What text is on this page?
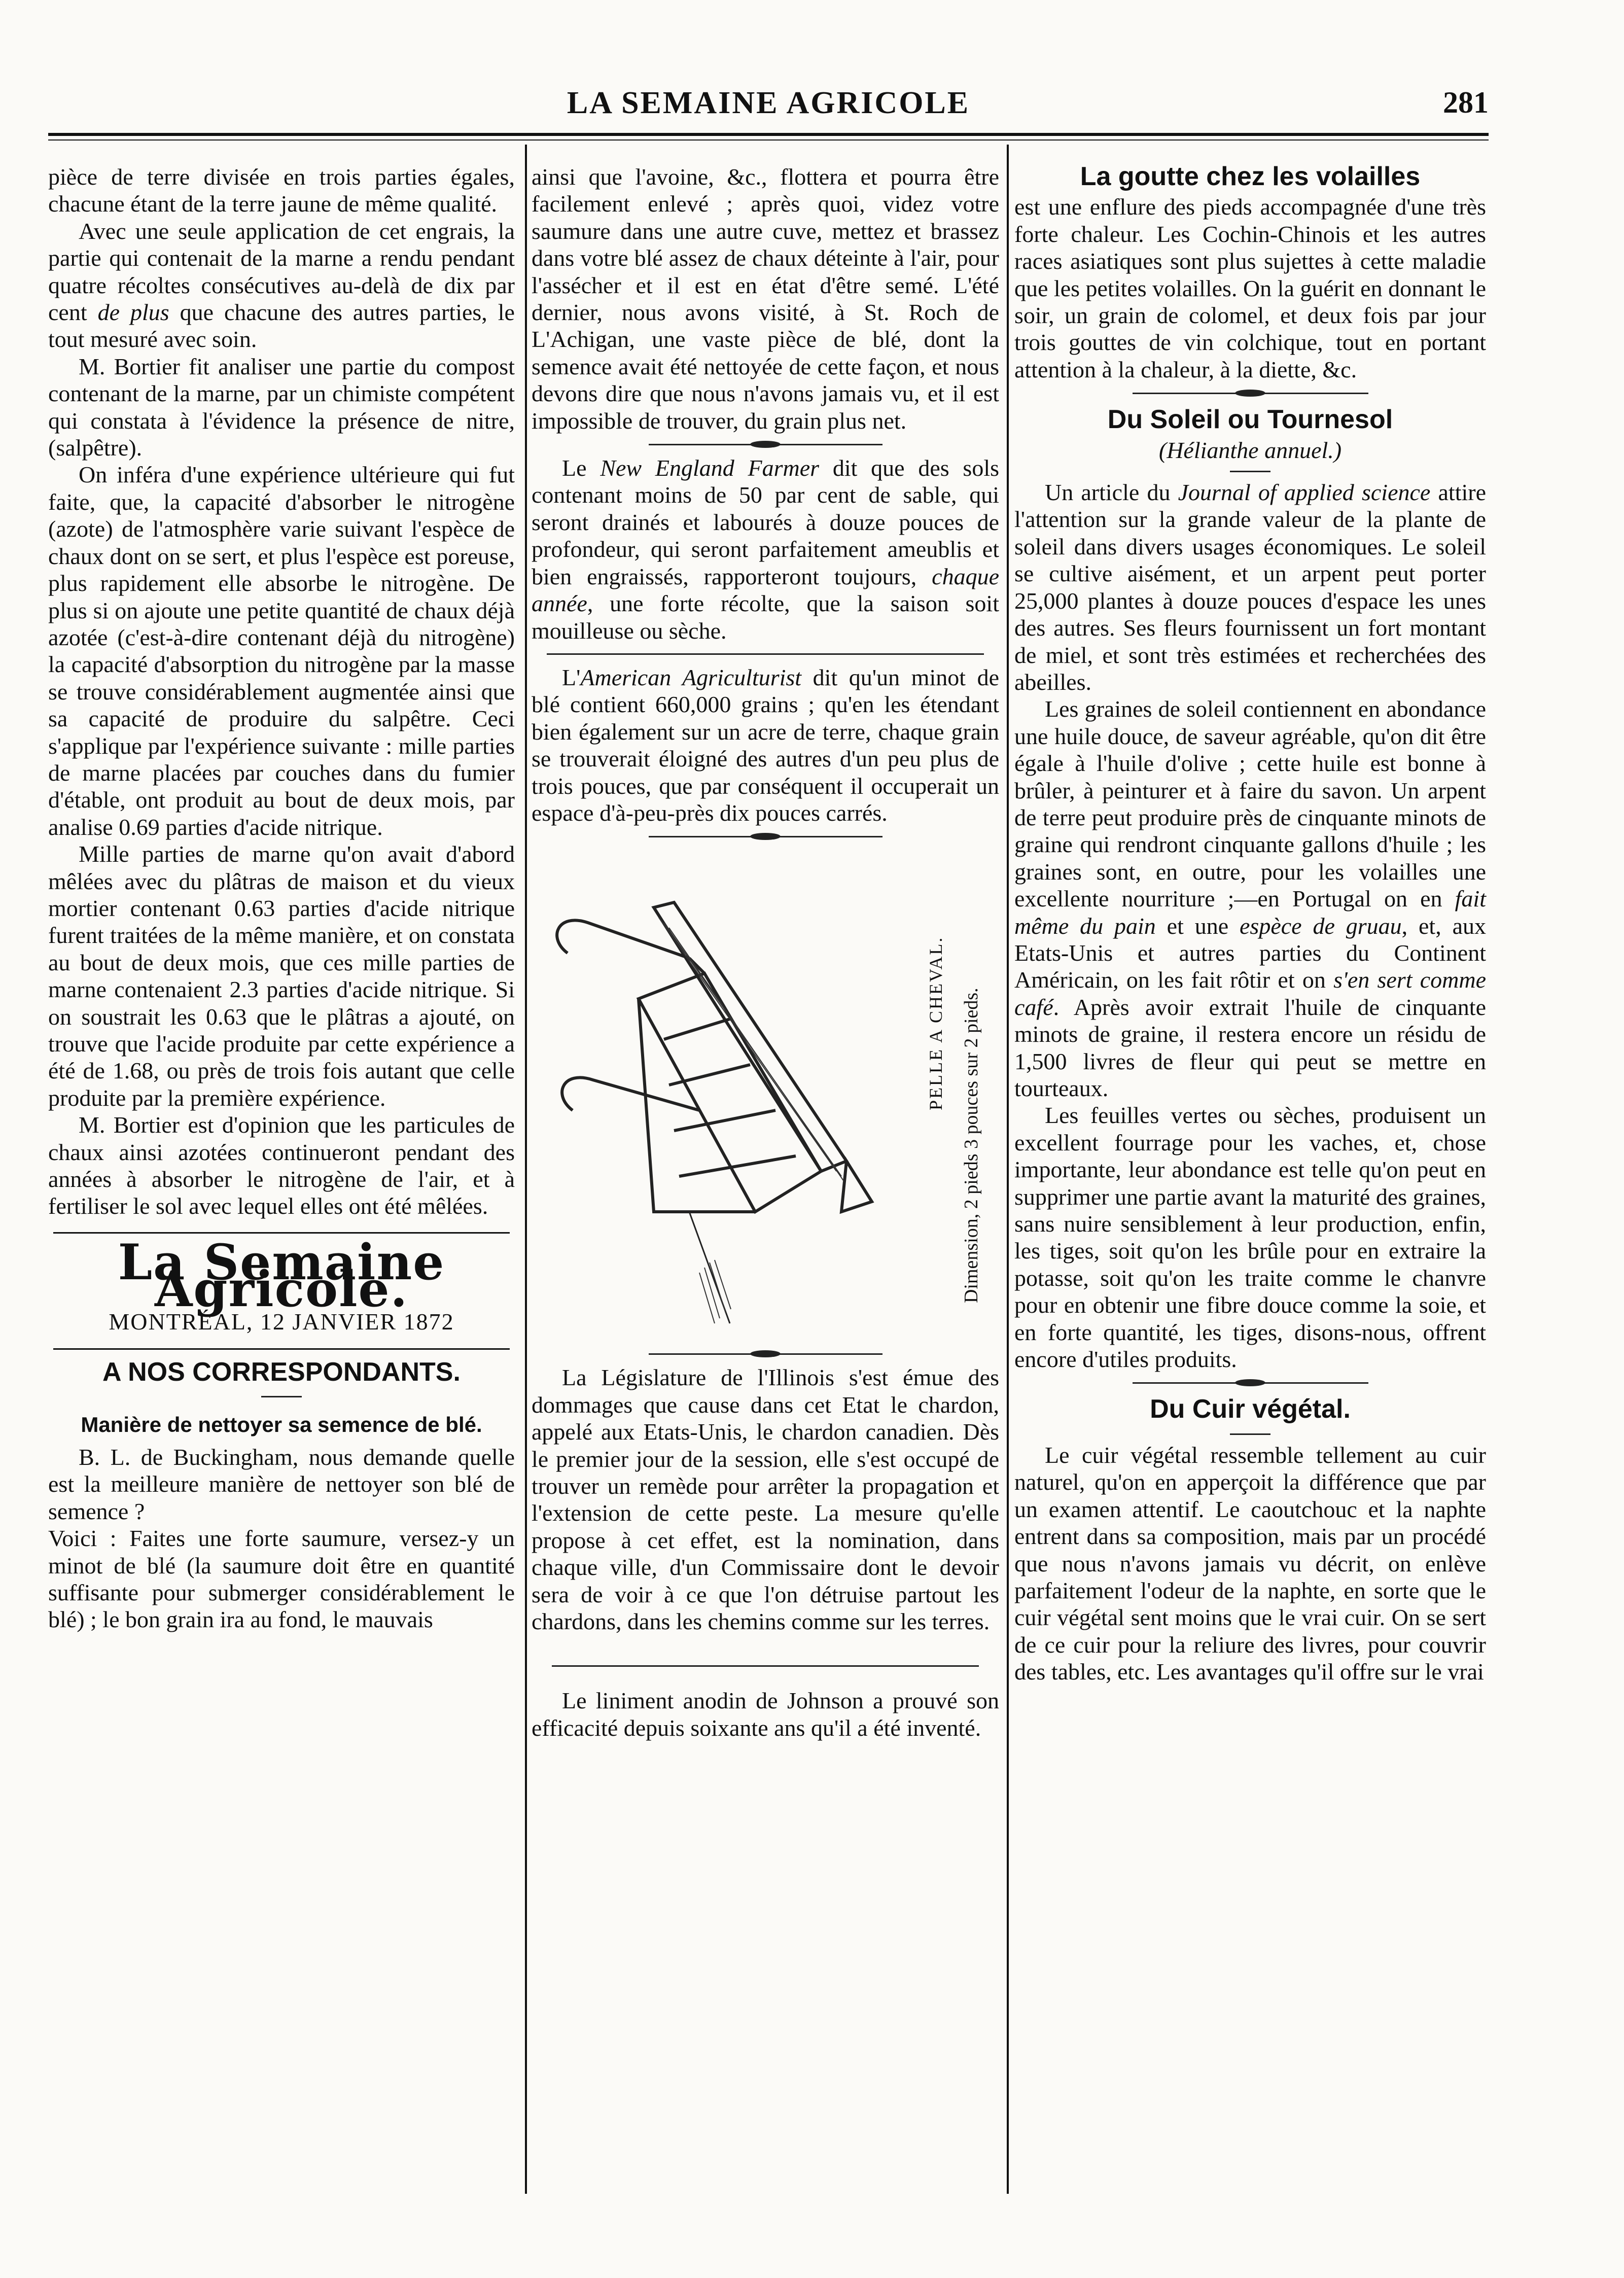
LA SEMAINE AGRICOLE	281

pièce de terre divisée en trois parties égales, chacune étant de la terre jaune de même qualité.

Avec une seule application de cet engrais, la partie qui contenait de la marne a rendu pendant quatre récoltes consécutives au-delà de dix par cent de plus que chacune des autres parties, le tout mesuré avec soin.

M. Bortier fit analiser une partie du compost contenant de la marne, par un chimiste compétent qui constata à l'évidence la présence de nitre, (salpêtre).

On inféra d'une expérience ultérieure qui fut faite, que, la capacité d'absorber le nitrogène (azote) de l'atmosphère varie suivant l'espèce de chaux dont on se sert, et plus l'espèce est poreuse, plus rapidement elle absorbe le nitrogène. De plus si on ajoute une petite quantité de chaux déjà azotée (c'est-à-dire contenant déjà du nitrogène) la capacité d'absorption du nitrogène par la masse se trouve considérablement augmentée ainsi que sa capacité de produire du salpêtre. Ceci s'applique par l'expérience suivante : mille parties de marne placées par couches dans du fumier d'étable, ont produit au bout de deux mois, par analise 0.69 parties d'acide nitrique.

Mille parties de marne qu'on avait d'abord mêlées avec du plâtras de maison et du vieux mortier contenant 0.63 parties d'acide nitrique furent traitées de la même manière, et on constata au bout de deux mois, que ces mille parties de marne contenaient 2.3 parties d'acide nitrique. Si on soustrait les 0.63 que le plâtras a ajouté, on trouve que l'acide produite par cette expérience a été de 1.68, ou près de trois fois autant que celle produite par la première expérience.

M. Bortier est d'opinion que les particules de chaux ainsi azotées continueront pendant des années à absorber le nitrogène de l'air, et à fertiliser le sol avec lequel elles ont été mêlées.

La Semaine Agricole.
MONTRÉAL, 12 JANVIER 1872
A NOS CORRESPONDANTS.
Manière de nettoyer sa semence de blé.

B. L. de Buckingham, nous demande quelle est la meilleure manière de nettoyer son blé de semence ?

Voici : Faites une forte saumure, versez-y un minot de blé (la saumure doit être en quantité suffisante pour submerger considérablement le blé) ; le bon grain ira au fond, le mauvais

ainsi que l'avoine, &c., flottera et pourra être facilement enlevé ; après quoi, videz votre saumure dans une autre cuve, mettez et brassez dans votre blé assez de chaux déteinte à l'air, pour l'assécher et il est en état d'être semé. L'été dernier, nous avons visité, à St. Roch de L'Achigan, une vaste pièce de blé, dont la semence avait été nettoyée de cette façon, et nous devons dire que nous n'avons jamais vu, et il est impossible de trouver, du grain plus net.

Le New England Farmer dit que des sols contenant moins de 50 par cent de sable, qui seront drainés et labourés à douze pouces de profondeur, qui seront parfaitement ameublis et bien engraissés, rapporteront toujours, chaque année, une forte récolte, que la saison soit mouilleuse ou sèche.

L'American Agriculturist dit qu'un minot de blé contient 660,000 grains ; qu'en les étendant bien également sur un acre de terre, chaque grain se trouverait éloigné des autres d'un peu plus de trois pouces, que par conséquent il occuperait un espace d'à-peu-près dix pouces carrés.

PELLE A CHEVAL. Dimension, 2 pieds 3 pouces sur 2 pieds.

La Législature de l'Illinois s'est émue des dommages que cause dans cet Etat le chardon, appelé aux Etats-Unis, le chardon canadien. Dès le premier jour de la session, elle s'est occupé de trouver un remède pour arrêter la propagation et l'extension de cette peste. La mesure qu'elle propose à cet effet, est la nomination, dans chaque ville, d'un Commissaire dont le devoir sera de voir à ce que l'on détruise partout les chardons, dans les chemins comme sur les terres.

Le liniment anodin de Johnson a prouvé son efficacité depuis soixante ans qu'il a été inventé.

La goutte chez les volailles

est une enflure des pieds accompagnée d'une très forte chaleur. Les Cochin-Chinois et les autres races asiatiques sont plus sujettes à cette maladie que les petites volailles. On la guérit en donnant le soir, un grain de colomel, et deux fois par jour trois gouttes de vin colchique, tout en portant attention à la chaleur, à la diette, &c.

Du Soleil ou Tournesol
(Hélianthe annuel.)

Un article du Journal of applied science attire l'attention sur la grande valeur de la plante de soleil dans divers usages économiques. Le soleil se cultive aisément, et un arpent peut porter 25,000 plantes à douze pouces d'espace les unes des autres. Ses fleurs fournissent un fort montant de miel, et sont très estimées et recherchées des abeilles.

Les graines de soleil contiennent en abondance une huile douce, de saveur agréable, qu'on dit être égale à l'huile d'olive ; cette huile est bonne à brûler, à peinturer et à faire du savon. Un arpent de terre peut produire près de cinquante minots de graine qui rendront cinquante gallons d'huile ; les graines sont, en outre, pour les volailles une excellente nourriture ;—en Portugal on en fait même du pain et une espèce de gruau, et, aux Etats-Unis et autres parties du Continent Américain, on les fait rôtir et on s'en sert comme café. Après avoir extrait l'huile de cinquante minots de graine, il restera encore un résidu de 1,500 livres de fleur qui peut se mettre en tourteaux.

Les feuilles vertes ou sèches, produisent un excellent fourrage pour les vaches, et, chose importante, leur abondance est telle qu'on peut en supprimer une partie avant la maturité des graines, sans nuire sensiblement à leur production, enfin, les tiges, soit qu'on les brûle pour en extraire la potasse, soit qu'on les traite comme le chanvre pour en obtenir une fibre douce comme la soie, et en forte quantité, les tiges, disons-nous, offrent encore d'utiles produits.

Du Cuir végétal.

Le cuir végétal ressemble tellement au cuir naturel, qu'on en apperçoit la différence que par un examen attentif. Le caoutchouc et la naphte entrent dans sa composition, mais par un procédé que nous n'avons jamais vu décrit, on enlève parfaitement l'odeur de la naphte, en sorte que le cuir végétal sent moins que le vrai cuir. On se sert de ce cuir pour la reliure des livres, pour couvrir des tables, etc. Les avantages qu'il offre sur le vrai
